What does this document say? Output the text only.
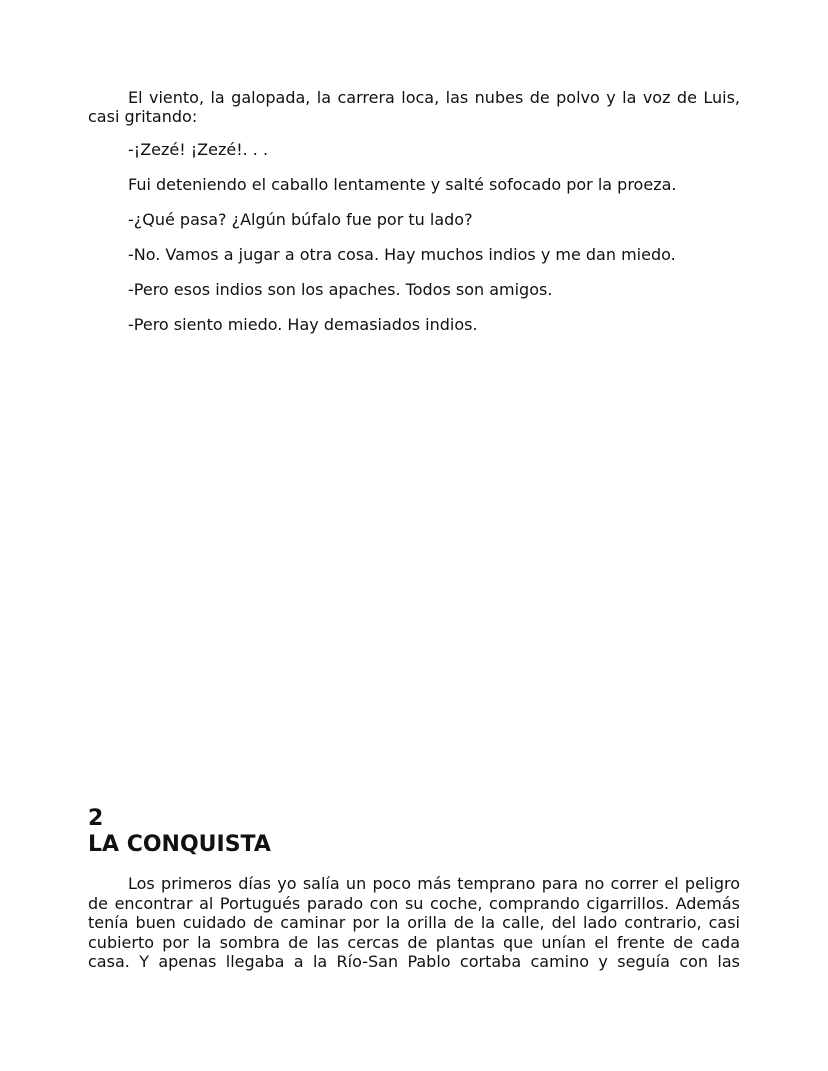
El viento, la galopada, la carrera loca, las nubes de polvo y la voz de Luis, casi gritando:

-¡Zezé! ¡Zezé!. . .

Fui deteniendo el caballo lentamente y salté sofocado por la proeza.

-¿Qué pasa? ¿Algún búfalo fue por tu lado?

-No. Vamos a jugar a otra cosa. Hay muchos indios y me dan miedo.

-Pero esos indios son los apaches. Todos son amigos.

-Pero siento miedo. Hay demasiados indios.

2
LA CONQUISTA

Los primeros días yo salía un poco más temprano para no correr el peligro de encontrar al Portugués parado con su coche, comprando cigarrillos. Además tenía buen cuidado de caminar por la orilla de la calle, del lado contrario, casi cubierto por la sombra de las cercas de plantas que unían el frente de cada casa. Y apenas llegaba a la Río-San Pablo cortaba camino y seguía con las
